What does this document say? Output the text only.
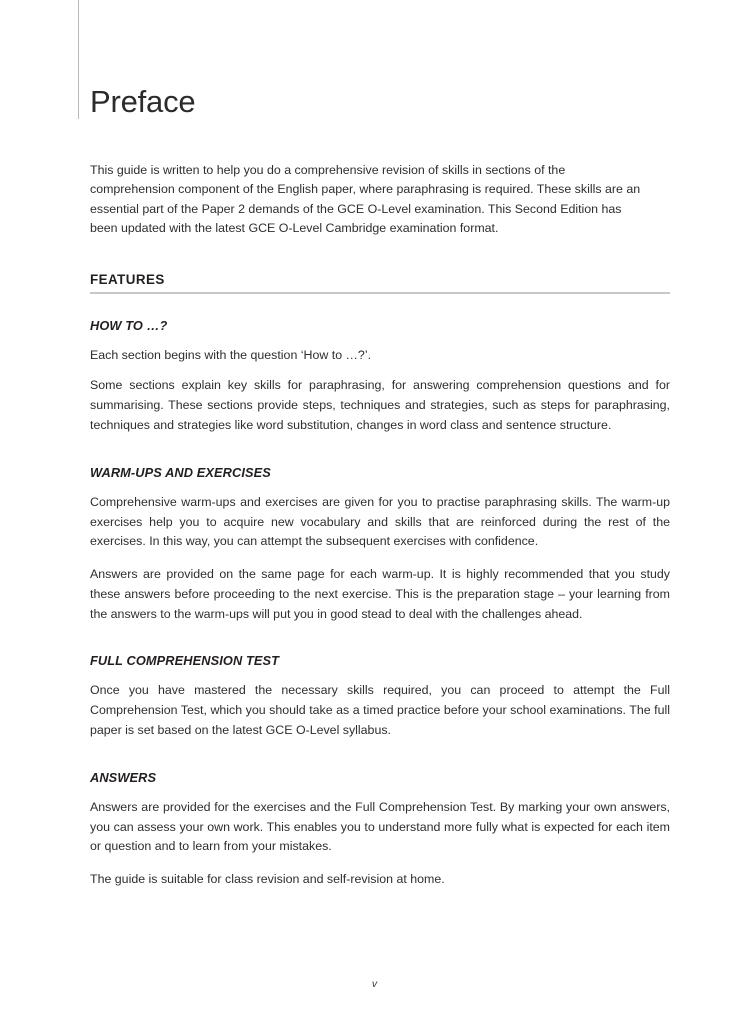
Preface

This guide is written to help you do a comprehensive revision of skills in sections of the comprehension component of the English paper, where paraphrasing is required. These skills are an essential part of the Paper 2 demands of the GCE O-Level examination. This Second Edition has been updated with the latest GCE O-Level Cambridge examination format.

FEATURES
HOW TO …?

Each section begins with the question ‘How to …?’.

Some sections explain key skills for paraphrasing, for answering comprehension questions and for summarising. These sections provide steps, techniques and strategies, such as steps for paraphrasing, techniques and strategies like word substitution, changes in word class and sentence structure.

WARM-UPS AND EXERCISES

Comprehensive warm-ups and exercises are given for you to practise paraphrasing skills. The warm-up exercises help you to acquire new vocabulary and skills that are reinforced during the rest of the exercises. In this way, you can attempt the subsequent exercises with confidence.

Answers are provided on the same page for each warm-up. It is highly recommended that you study these answers before proceeding to the next exercise. This is the preparation stage – your learning from the answers to the warm-ups will put you in good stead to deal with the challenges ahead.

FULL COMPREHENSION TEST

Once you have mastered the necessary skills required, you can proceed to attempt the Full Comprehension Test, which you should take as a timed practice before your school examinations. The full paper is set based on the latest GCE O-Level syllabus.

ANSWERS

Answers are provided for the exercises and the Full Comprehension Test. By marking your own answers, you can assess your own work. This enables you to understand more fully what is expected for each item or question and to learn from your mistakes.

The guide is suitable for class revision and self-revision at home.

v
